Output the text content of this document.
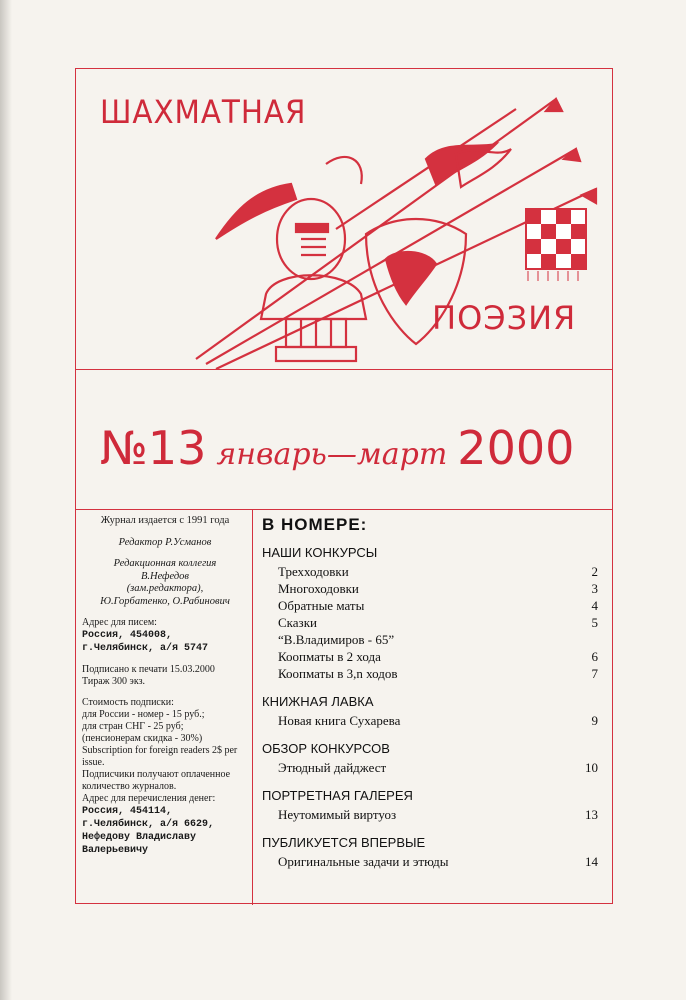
ШАХМАТНАЯ
ПОЭЗИЯ
№13 январь—март 2000

Журнал издается с 1991 года

Редактор Р.Усманов

Редакционная коллегия
В.Нефедов
(зам.редактора),
Ю.Горбатенко, О.Рабинович

Адрес для писем:
Россия, 454008,
г.Челябинск, а/я 5747

Подписано к печати 15.03.2000
Тираж 300 экз.

Стоимость подписки:
для России - номер - 15 руб.;
для стран СНГ - 25 руб;
(пенсионерам скидка - 30%)
Subscription for foreign readers 2$ per issue.
Подписчики получают оплаченное количество журналов.
Адрес для перечисления денег:
Россия, 454114,
г.Челябинск, а/я 6629,
Нефедову Владиславу Валерьевичу

В НОМЕРЕ:
НАШИ КОНКУРСЫ
Трехходовки	2
Многоходовки	3
Обратные маты	4
Сказки	5
“В.Владимиров - 65”
Коопматы в 2 хода	6
Коопматы в 3,n ходов	7
КНИЖНАЯ ЛАВКА
Новая книга Сухарева	9
ОБЗОР КОНКУРСОВ
Этюдный дайджест	10
ПОРТРЕТНАЯ ГАЛЕРЕЯ
Неутомимый виртуоз	13
ПУБЛИКУЕТСЯ ВПЕРВЫЕ
Оригинальные задачи и этюды	14
